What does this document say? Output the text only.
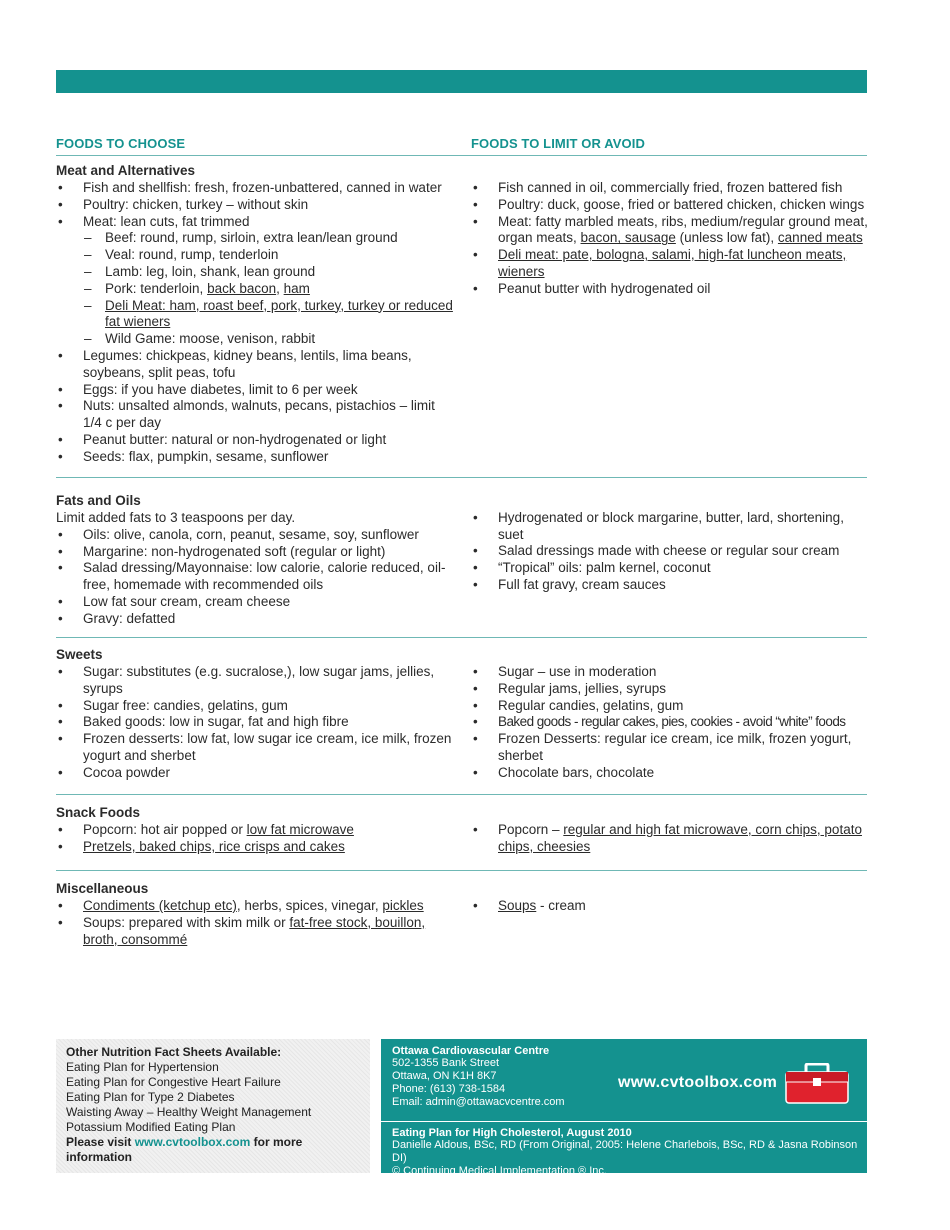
FOODS TO CHOOSE	FOODS TO LIMIT OR AVOID
Meat and Alternatives
• Fish and shellfish: fresh, frozen-unbattered, canned in water
• Poultry: chicken, turkey – without skin
• Meat: lean cuts, fat trimmed
– Beef: round, rump, sirloin, extra lean/lean ground
– Veal: round, rump, tenderloin
– Lamb: leg, loin, shank, lean ground
– Pork: tenderloin, back bacon, ham
– Deli Meat: ham, roast beef, pork, turkey, turkey or reduced fat wieners
– Wild Game: moose, venison, rabbit
• Legumes: chickpeas, kidney beans, lentils, lima beans, soybeans, split peas, tofu
• Eggs: if you have diabetes, limit to 6 per week
• Nuts: unsalted almonds, walnuts, pecans, pistachios – limit 1/4 c per day
• Peanut butter: natural or non-hydrogenated or light
• Seeds: flax, pumpkin, sesame, sunflower
• Fish canned in oil, commercially fried, frozen battered fish
• Poultry: duck, goose, fried or battered chicken, chicken wings
• Meat: fatty marbled meats, ribs, medium/regular ground meat, organ meats, bacon, sausage (unless low fat), canned meats
• Deli meat: pate, bologna, salami, high-fat luncheon meats, wieners
• Peanut butter with hydrogenated oil
Fats and Oils
Limit added fats to 3 teaspoons per day.
• Oils: olive, canola, corn, peanut, sesame, soy, sunflower
• Margarine: non-hydrogenated soft (regular or light)
• Salad dressing/Mayonnaise: low calorie, calorie reduced, oil-free, homemade with recommended oils
• Low fat sour cream, cream cheese
• Gravy: defatted
• Hydrogenated or block margarine, butter, lard, shortening, suet
• Salad dressings made with cheese or regular sour cream
• “Tropical” oils: palm kernel, coconut
• Full fat gravy, cream sauces
Sweets
• Sugar: substitutes (e.g. sucralose,), low sugar jams, jellies, syrups
• Sugar free: candies, gelatins, gum
• Baked goods: low in sugar, fat and high fibre
• Frozen desserts: low fat, low sugar ice cream, ice milk, frozen yogurt and sherbet
• Cocoa powder
• Sugar – use in moderation
• Regular jams, jellies, syrups
• Regular candies, gelatins, gum
• Baked goods - regular cakes, pies, cookies - avoid “white” foods
• Frozen Desserts: regular ice cream, ice milk, frozen yogurt, sherbet
• Chocolate bars, chocolate
Snack Foods
• Popcorn: hot air popped or low fat microwave
• Pretzels, baked chips, rice crisps and cakes
• Popcorn – regular and high fat microwave, corn chips, potato chips, cheesies
Miscellaneous
• Condiments (ketchup etc), herbs, spices, vinegar, pickles
• Soups: prepared with skim milk or fat-free stock, bouillon, broth, consommé
• Soups - cream
Other Nutrition Fact Sheets Available:
Eating Plan for Hypertension
Eating Plan for Congestive Heart Failure
Eating Plan for Type 2 Diabetes
Waisting Away – Healthy Weight Management
Potassium Modified Eating Plan
Please visit www.cvtoolbox.com for more information
Ottawa Cardiovascular Centre
502-1355 Bank Street
Ottawa, ON K1H 8K7
Phone: (613) 738-1584
Email: admin@ottawacvcentre.com
www.cvtoolbox.com
Eating Plan for High Cholesterol, August 2010
Danielle Aldous, BSc, RD (From Original, 2005: Helene Charlebois, BSc, RD & Jasna Robinson DI)
© Continuing Medical Implementation ® Inc.
